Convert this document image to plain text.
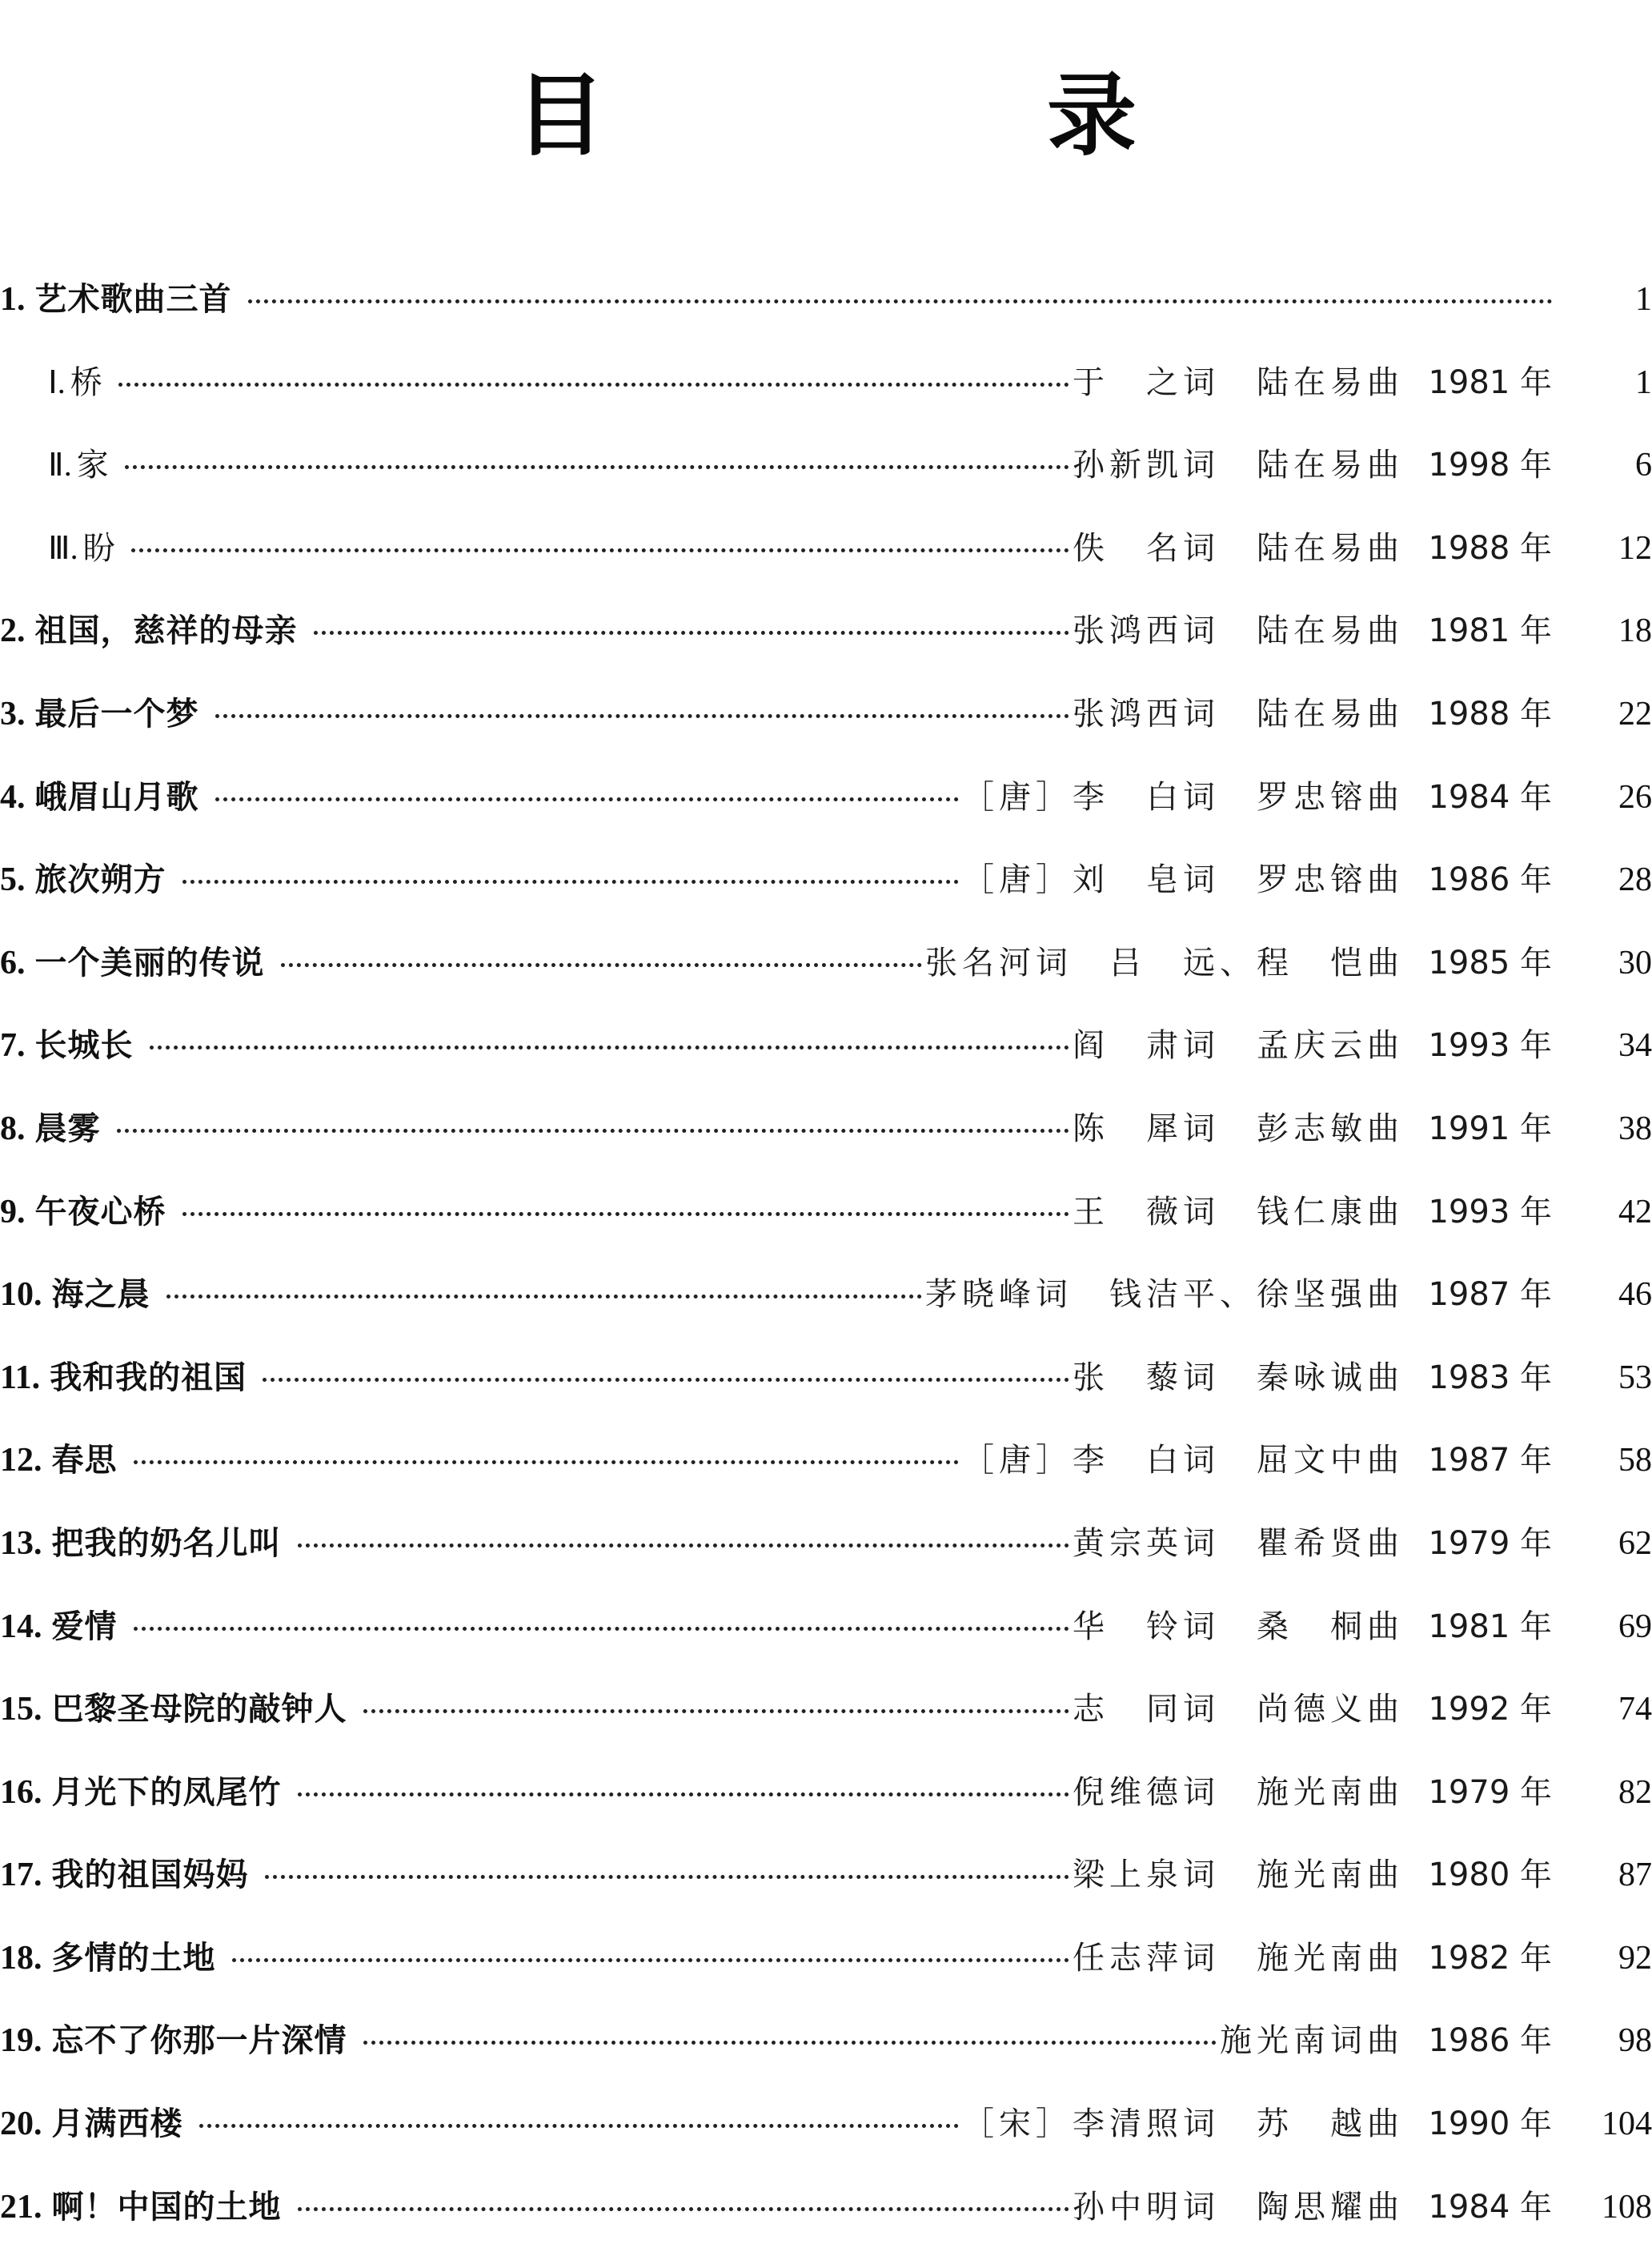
目　录
1. 艺术歌曲三首	1
Ⅰ. 桥	于　之词　陆在易曲 1981 年	1
Ⅱ. 家	孙新凯词　陆在易曲 1998 年	6
Ⅲ. 盼	佚　名词　陆在易曲 1988 年	12
2. 祖国，慈祥的母亲	张鸿西词　陆在易曲 1981 年	18
3. 最后一个梦	张鸿西词　陆在易曲 1988 年	22
4. 峨眉山月歌	［唐］李　白词　罗忠镕曲 1984 年	26
5. 旅次朔方	［唐］刘　皂词　罗忠镕曲 1986 年	28
6. 一个美丽的传说	张名河词　吕　远、程　恺曲 1985 年	30
7. 长城长	阎　肃词　孟庆云曲 1993 年	34
8. 晨雾	陈　犀词　彭志敏曲 1991 年	38
9. 午夜心桥	王　薇词　钱仁康曲 1993 年	42
10. 海之晨	茅晓峰词　钱洁平、徐坚强曲 1987 年	46
11. 我和我的祖国	张　藜词　秦咏诚曲 1983 年	53
12. 春思	［唐］李　白词　屈文中曲 1987 年	58
13. 把我的奶名儿叫	黄宗英词　瞿希贤曲 1979 年	62
14. 爱情	华　铃词　桑　桐曲 1981 年	69
15. 巴黎圣母院的敲钟人	志　同词　尚德义曲 1992 年	74
16. 月光下的凤尾竹	倪维德词　施光南曲 1979 年	82
17. 我的祖国妈妈	梁上泉词　施光南曲 1980 年	87
18. 多情的土地	任志萍词　施光南曲 1982 年	92
19. 忘不了你那一片深情	施光南词曲 1986 年	98
20. 月满西楼	［宋］李清照词　苏　越曲 1990 年	104
21. 啊！中国的土地	孙中明词　陶思耀曲 1984 年	108
